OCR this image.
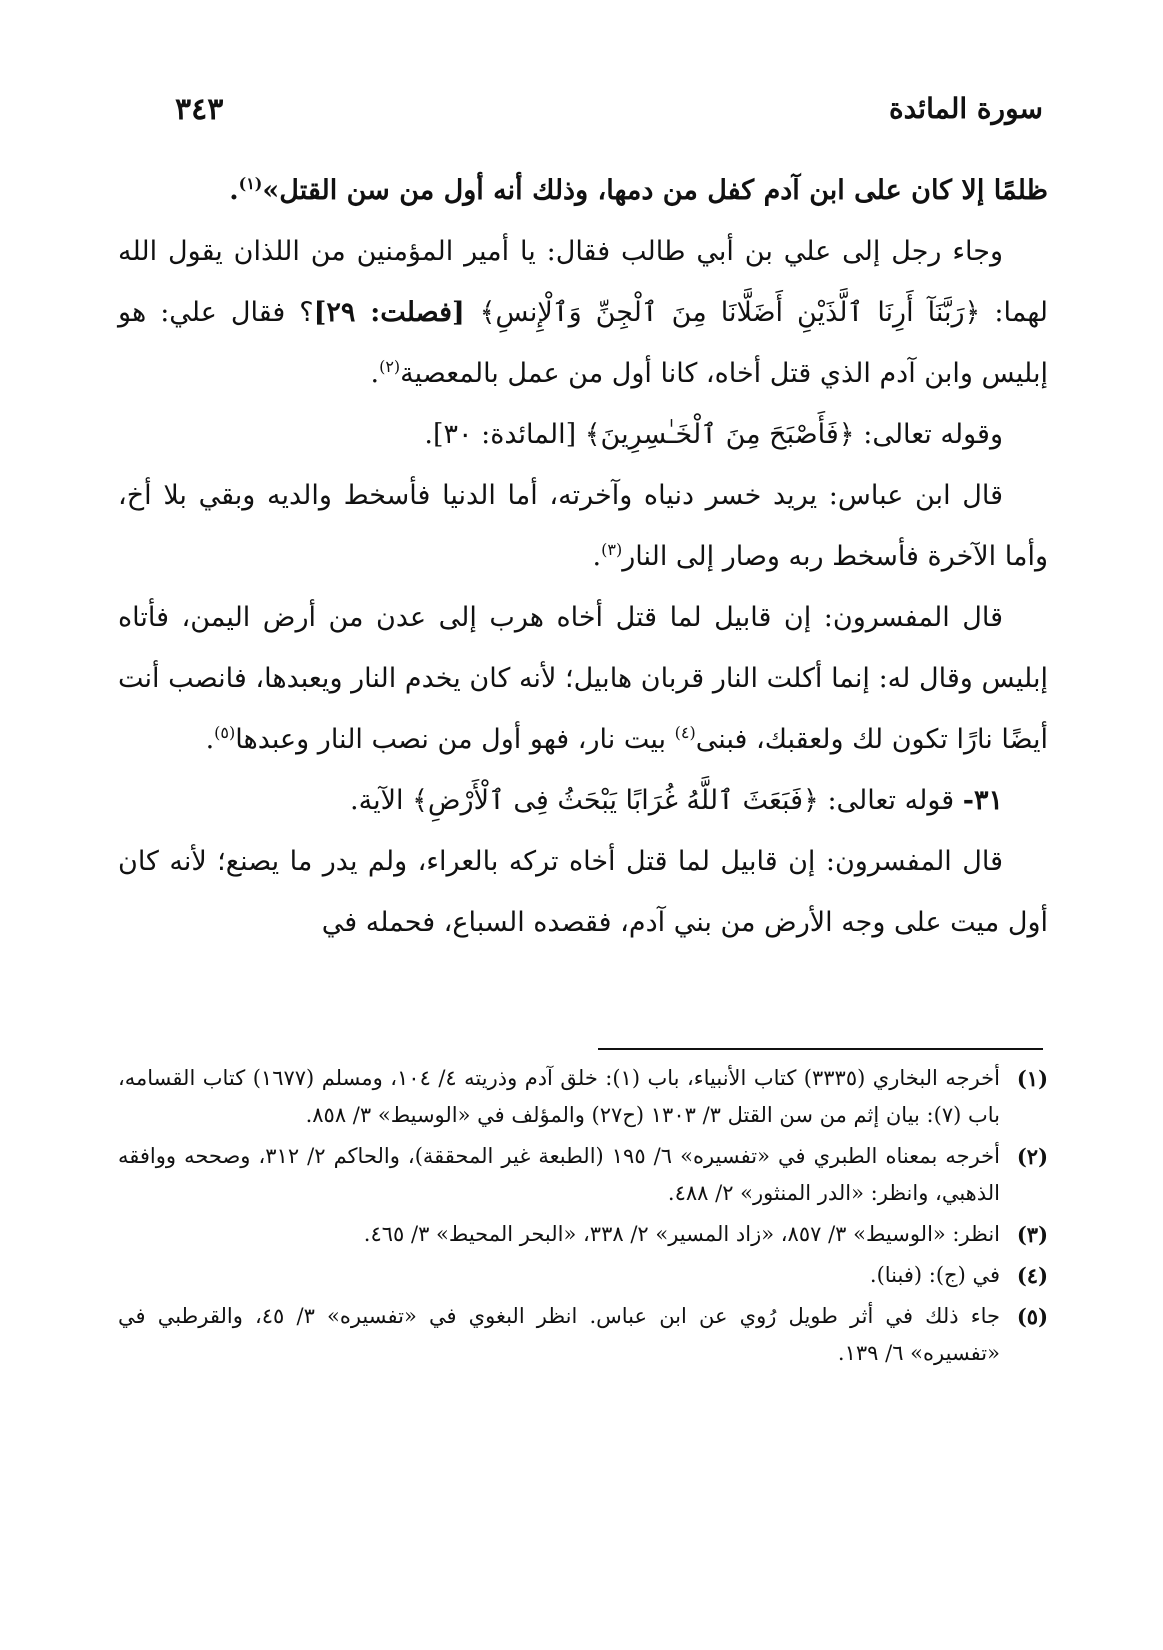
سورة المائدة
٣٤٣

ظلمًا إلا كان على ابن آدم كفل من دمها، وذلك أنه أول من سن القتل»$^{(١)}$.

وجاء رجل إلى علي بن أبي طالب فقال: يا أمير المؤمنين من اللذان يقول الله لهما: ﴿رَبَّنَآ أَرِنَا ٱلَّذَيْنِ أَضَلَّانَا مِنَ ٱلْجِنِّ وَٱلْإِنسِ﴾ [فصلت: ٢٩]؟ فقال علي: هو إبليس وابن آدم الذي قتل أخاه، كانا أول من عمل بالمعصية$^{(٢)}$.

وقوله تعالى: ﴿فَأَصْبَحَ مِنَ ٱلْخَـٰسِرِينَ﴾ [المائدة: ٣٠].

قال ابن عباس: يريد خسر دنياه وآخرته، أما الدنيا فأسخط والديه وبقي بلا أخ، وأما الآخرة فأسخط ربه وصار إلى النار$^{(٣)}$.

قال المفسرون: إن قابيل لما قتل أخاه هرب إلى عدن من أرض اليمن، فأتاه إبليس وقال له: إنما أكلت النار قربان هابيل؛ لأنه كان يخدم النار ويعبدها، فانصب أنت أيضًا نارًا تكون لك ولعقبك، فبنى$^{(٤)}$ بيت نار، فهو أول من نصب النار وعبدها$^{(٥)}$.

٣١- قوله تعالى: ﴿فَبَعَثَ ٱللَّهُ غُرَابًا يَبْحَثُ فِى ٱلْأَرْضِ﴾ الآية.

قال المفسرون: إن قابيل لما قتل أخاه تركه بالعراء، ولم يدر ما يصنع؛ لأنه كان أول ميت على وجه الأرض من بني آدم، فقصده السباع، فحمله في

(١)
أخرجه البخاري (٣٣٣٥) كتاب الأنبياء، باب (١): خلق آدم وذريته ٤/ ١٠٤، ومسلم (١٦٧٧) كتاب القسامه، باب (٧): بيان إثم من سن القتل ٣/ ١٣٠٣ (ح٢٧) والمؤلف في «الوسيط» ٣/ ٨٥٨.
(٢)
أخرجه بمعناه الطبري في «تفسيره» ٦/ ١٩٥ (الطبعة غير المحققة)، والحاكم ٢/ ٣١٢، وصححه ووافقه الذهبي، وانظر: «الدر المنثور» ٢/ ٤٨٨.
(٣)
انظر: «الوسيط» ٣/ ٨٥٧، «زاد المسير» ٢/ ٣٣٨، «البحر المحيط» ٣/ ٤٦٥.
(٤)
في (ج): (فبنا).
(٥)
جاء ذلك في أثر طويل رُوي عن ابن عباس. انظر البغوي في «تفسيره» ٣/ ٤٥، والقرطبي في «تفسيره» ٦/ ١٣٩.
